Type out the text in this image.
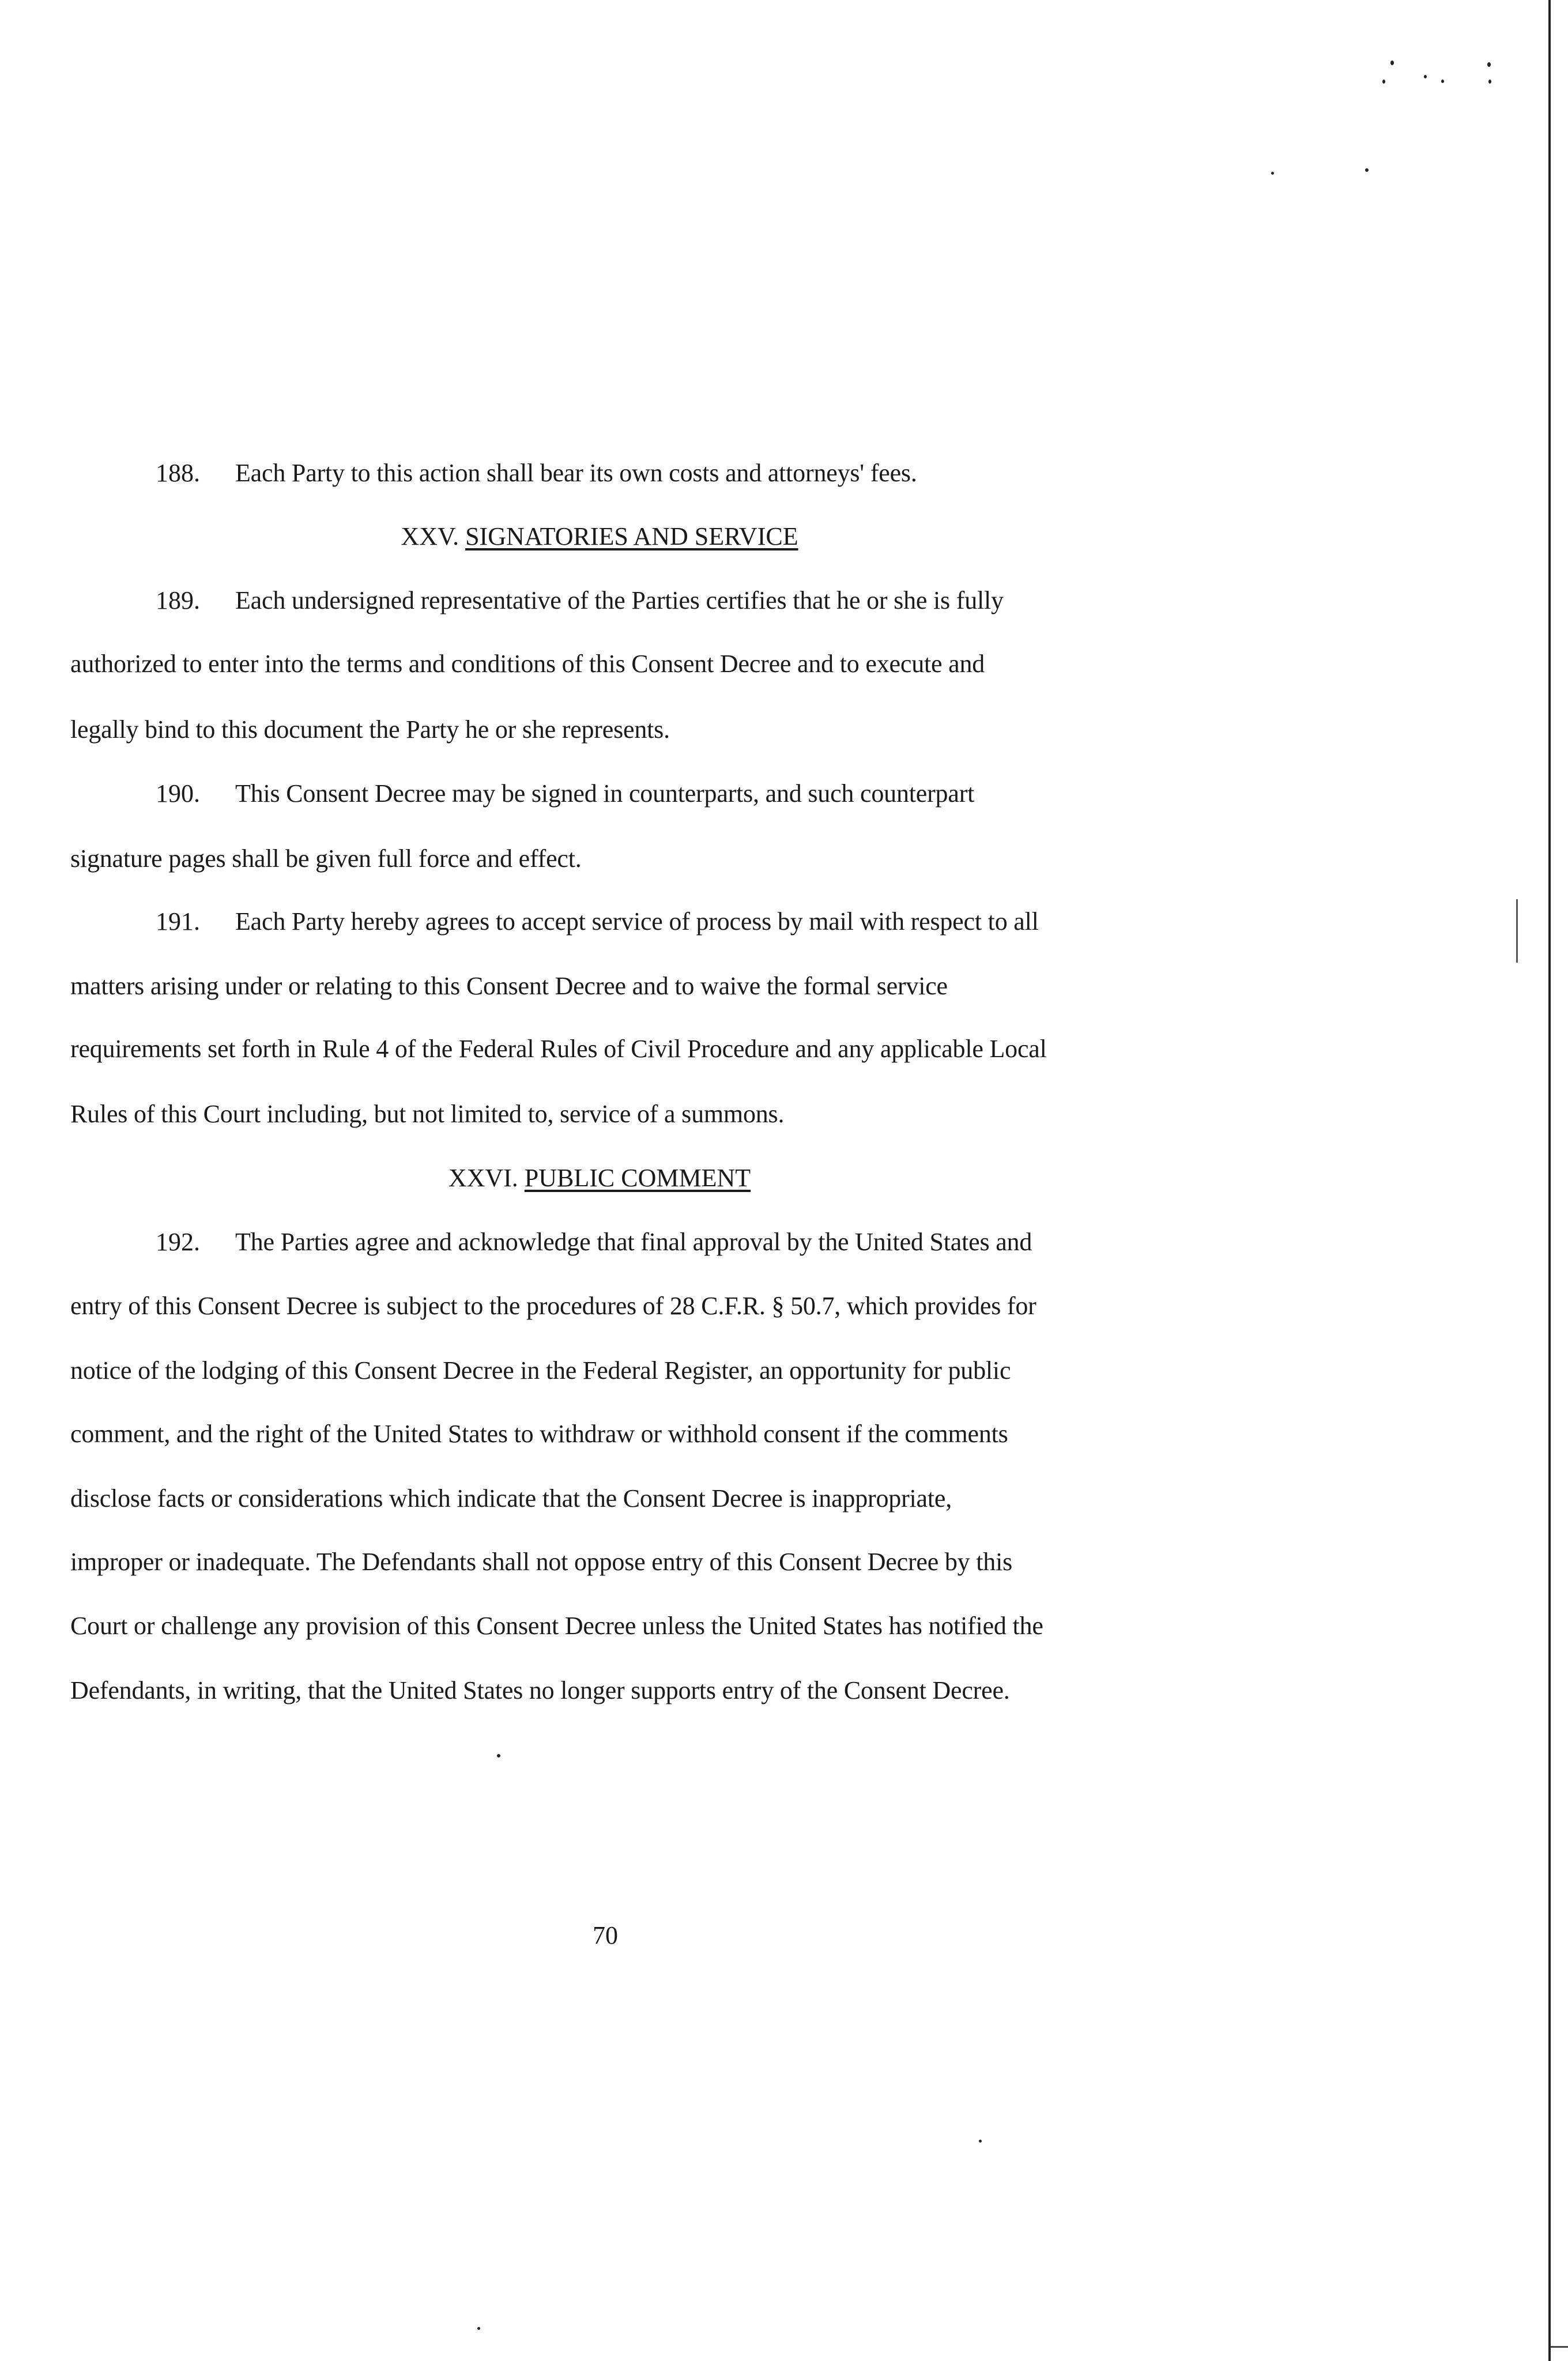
188. Each Party to this action shall bear its own costs and attorneys' fees.
XXV. SIGNATORIES AND SERVICE
189. Each undersigned representative of the Parties certifies that he or she is fully
authorized to enter into the terms and conditions of this Consent Decree and to execute and
legally bind to this document the Party he or she represents.
190. This Consent Decree may be signed in counterparts, and such counterpart
signature pages shall be given full force and effect.
191. Each Party hereby agrees to accept service of process by mail with respect to all
matters arising under or relating to this Consent Decree and to waive the formal service
requirements set forth in Rule 4 of the Federal Rules of Civil Procedure and any applicable Local
Rules of this Court including, but not limited to, service of a summons.
XXVI. PUBLIC COMMENT
192. The Parties agree and acknowledge that final approval by the United States and
entry of this Consent Decree is subject to the procedures of 28 C.F.R. § 50.7, which provides for
notice of the lodging of this Consent Decree in the Federal Register, an opportunity for public
comment, and the right of the United States to withdraw or withhold consent if the comments
disclose facts or considerations which indicate that the Consent Decree is inappropriate,
improper or inadequate. The Defendants shall not oppose entry of this Consent Decree by this
Court or challenge any provision of this Consent Decree unless the United States has notified the
Defendants, in writing, that the United States no longer supports entry of the Consent Decree.
70
